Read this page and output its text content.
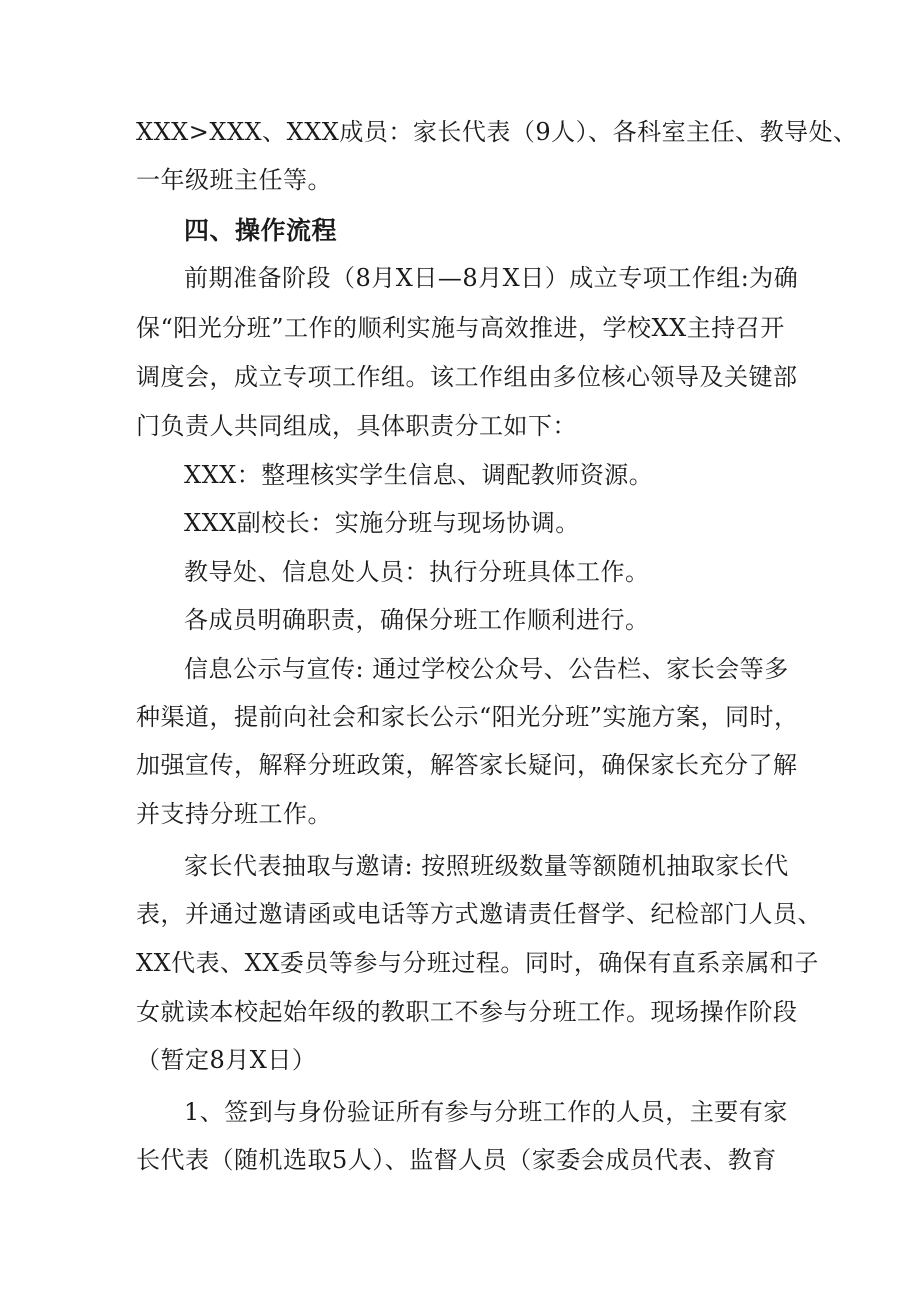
XXX>XXX、XXX成员：家长代表（9人）、各科室主任、教导处、
一年级班主任等。
四、操作流程
前期准备阶段（8月X日—8月X日）成立专项工作组:为确
保“阳光分班”工作的顺利实施与高效推进，学校XX主持召开
调度会，成立专项工作组。该工作组由多位核心领导及关键部
门负责人共同组成，具体职责分工如下：
XXX：整理核实学生信息、调配教师资源。
XXX副校长：实施分班与现场协调。
教导处、信息处人员：执行分班具体工作。
各成员明确职责，确保分班工作顺利进行。
信息公示与宣传: 通过学校公众号、公告栏、家长会等多
种渠道，提前向社会和家长公示“阳光分班”实施方案，同时，
加强宣传，解释分班政策，解答家长疑问，确保家长充分了解
并支持分班工作。
家长代表抽取与邀请: 按照班级数量等额随机抽取家长代
表，并通过邀请函或电话等方式邀请责任督学、纪检部门人员、
XX代表、XX委员等参与分班过程。同时，确保有直系亲属和子
女就读本校起始年级的教职工不参与分班工作。现场操作阶段
（暂定8月X日）
1、签到与身份验证所有参与分班工作的人员，主要有家
长代表（随机选取5人）、监督人员（家委会成员代表、教育
